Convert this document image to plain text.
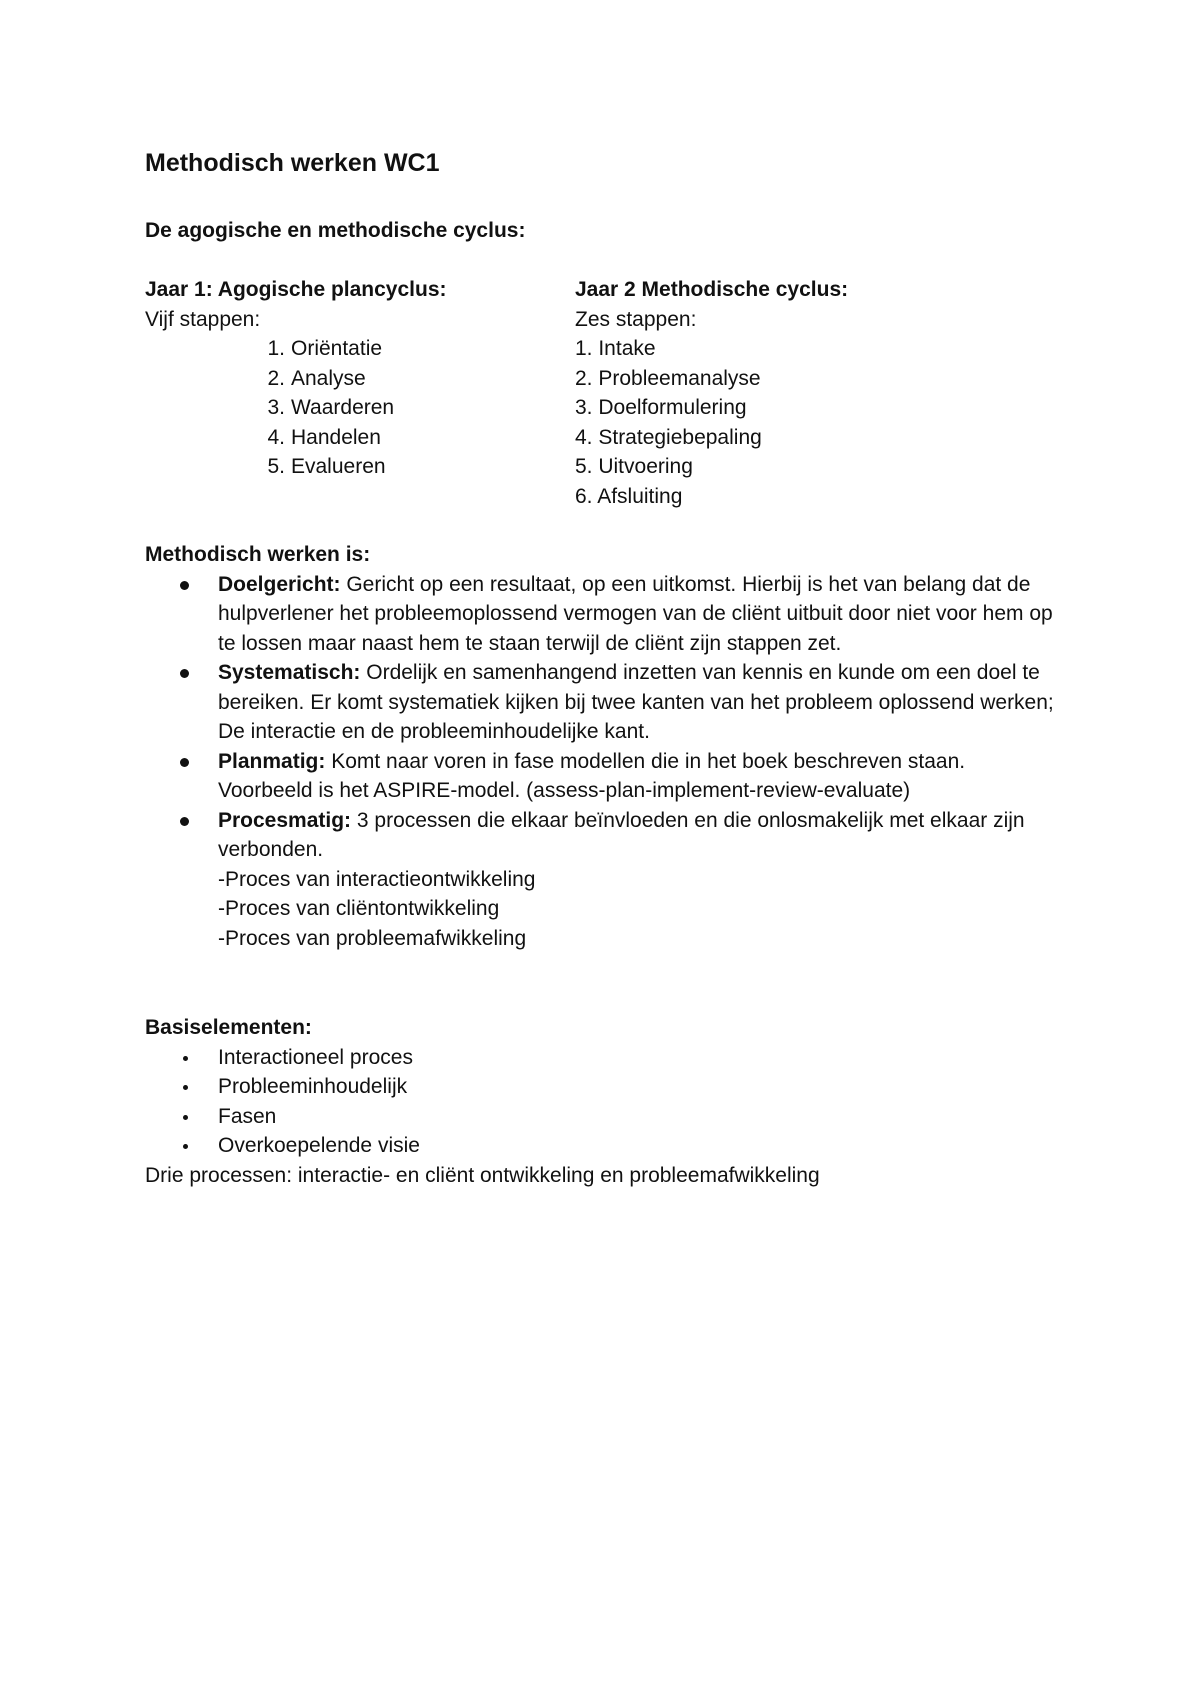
Methodisch werken WC1
De agogische en methodische cyclus:
Jaar 1: Agogische plancyclus:
Vijf stappen:
1. Oriëntatie
2. Analyse
3. Waarderen
4. Handelen
5. Evalueren
Jaar 2 Methodische cyclus:
Zes stappen:
1. Intake
2. Probleemanalyse
3. Doelformulering
4. Strategiebepaling
5. Uitvoering
6. Afsluiting
Methodisch werken is:
Doelgericht: Gericht op een resultaat, op een uitkomst. Hierbij is het van belang dat de hulpverlener het probleemoplossend vermogen van de cliënt uitbuit door niet voor hem op te lossen maar naast hem te staan terwijl de cliënt zijn stappen zet.
Systematisch: Ordelijk en samenhangend inzetten van kennis en kunde om een doel te bereiken. Er komt systematiek kijken bij twee kanten van het probleem oplossend werken; De interactie en de probleeminhoudelijke kant.
Planmatig: Komt naar voren in fase modellen die in het boek beschreven staan. Voorbeeld is het ASPIRE-model. (assess-plan-implement-review-evaluate)
Procesmatig: 3 processen die elkaar beïnvloeden en die onlosmakelijk met elkaar zijn verbonden.
-Proces van interactieontwikkeling
-Proces van cliëntontwikkeling
-Proces van probleemafwikkeling
Basiselementen:
Interactioneel proces
Probleeminhoudelijk
Fasen
Overkoepelende visie
Drie processen: interactie- en cliënt ontwikkeling en probleemafwikkeling
